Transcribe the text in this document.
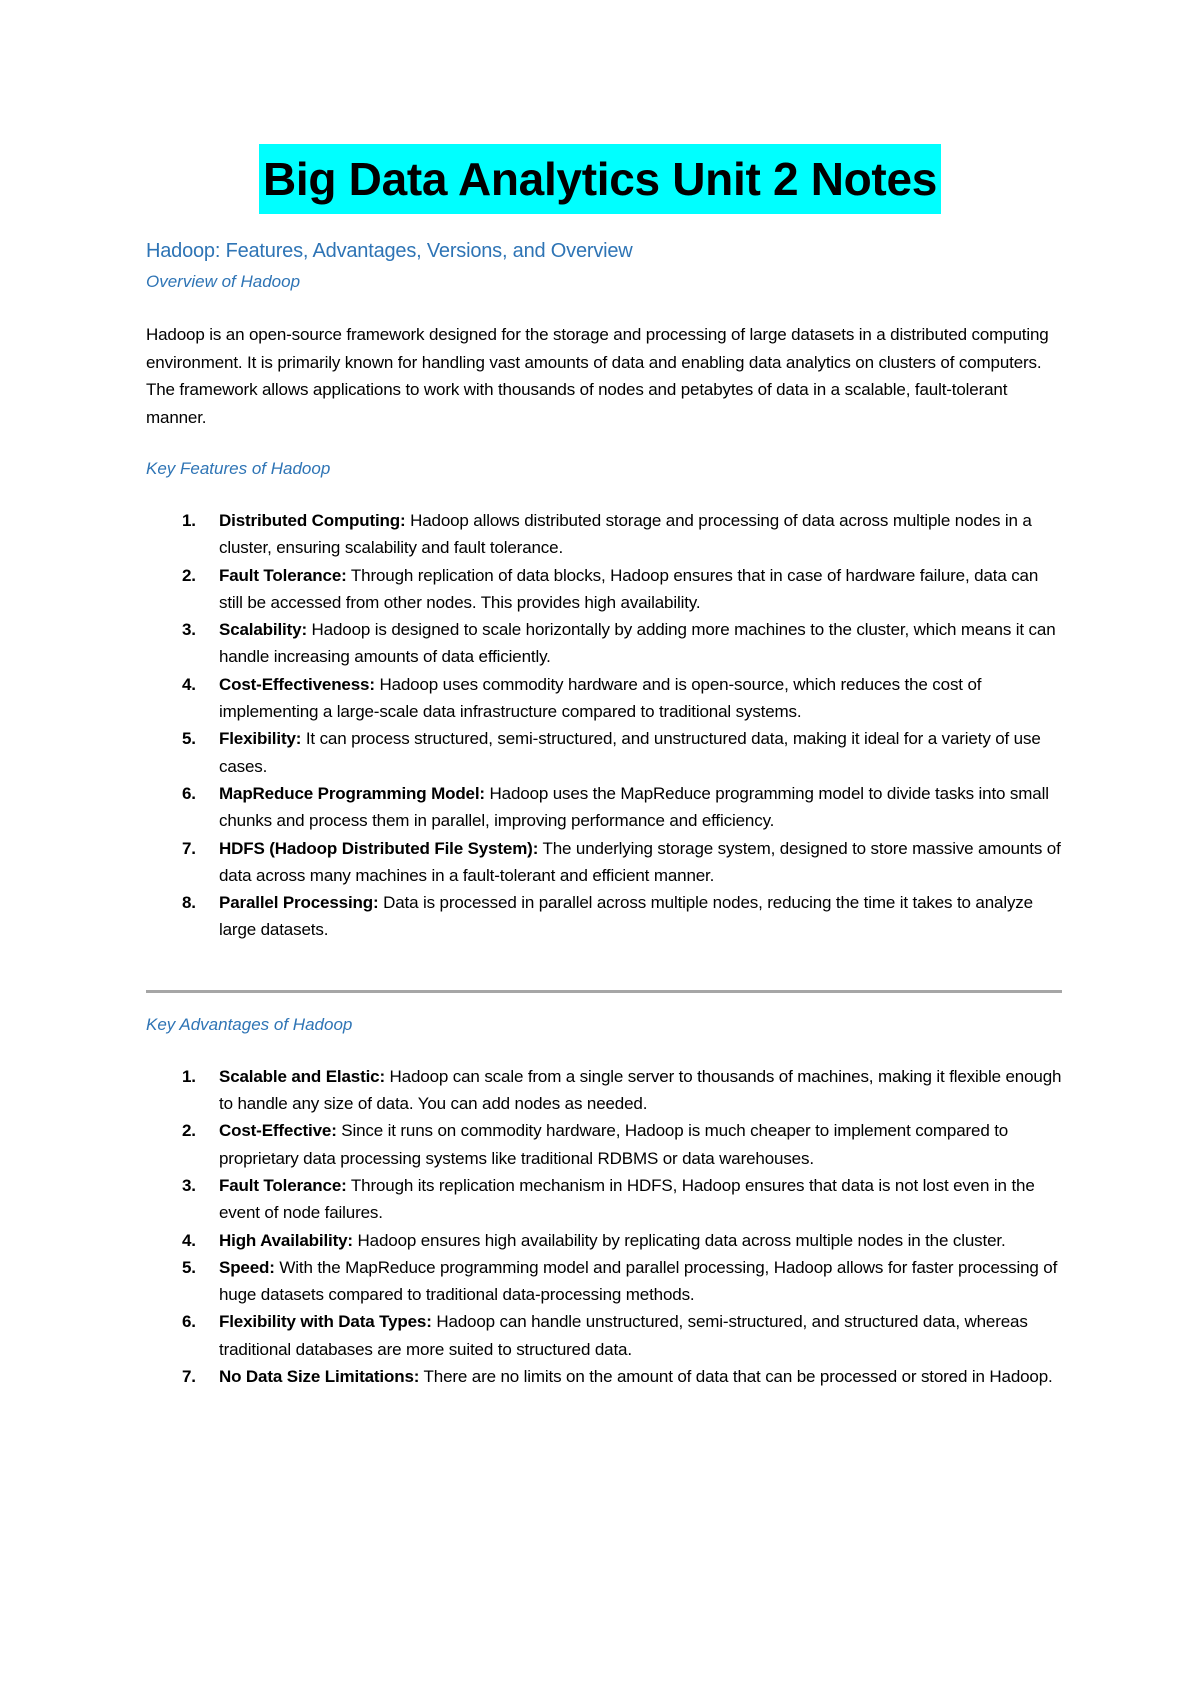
Big Data Analytics Unit 2 Notes

Hadoop: Features, Advantages, Versions, and Overview

Overview of Hadoop

Hadoop is an open-source framework designed for the storage and processing of large datasets in a distributed computing environment. It is primarily known for handling vast amounts of data and enabling data analytics on clusters of computers. The framework allows applications to work with thousands of nodes and petabytes of data in a scalable, fault-tolerant manner.

Key Features of Hadoop

1. Distributed Computing: Hadoop allows distributed storage and processing of data across multiple nodes in a cluster, ensuring scalability and fault tolerance.
2. Fault Tolerance: Through replication of data blocks, Hadoop ensures that in case of hardware failure, data can still be accessed from other nodes. This provides high availability.
3. Scalability: Hadoop is designed to scale horizontally by adding more machines to the cluster, which means it can handle increasing amounts of data efficiently.
4. Cost-Effectiveness: Hadoop uses commodity hardware and is open-source, which reduces the cost of implementing a large-scale data infrastructure compared to traditional systems.
5. Flexibility: It can process structured, semi-structured, and unstructured data, making it ideal for a variety of use cases.
6. MapReduce Programming Model: Hadoop uses the MapReduce programming model to divide tasks into small chunks and process them in parallel, improving performance and efficiency.
7. HDFS (Hadoop Distributed File System): The underlying storage system, designed to store massive amounts of data across many machines in a fault-tolerant and efficient manner.
8. Parallel Processing: Data is processed in parallel across multiple nodes, reducing the time it takes to analyze large datasets.

Key Advantages of Hadoop

1. Scalable and Elastic: Hadoop can scale from a single server to thousands of machines, making it flexible enough to handle any size of data. You can add nodes as needed.
2. Cost-Effective: Since it runs on commodity hardware, Hadoop is much cheaper to implement compared to proprietary data processing systems like traditional RDBMS or data warehouses.
3. Fault Tolerance: Through its replication mechanism in HDFS, Hadoop ensures that data is not lost even in the event of node failures.
4. High Availability: Hadoop ensures high availability by replicating data across multiple nodes in the cluster.
5. Speed: With the MapReduce programming model and parallel processing, Hadoop allows for faster processing of huge datasets compared to traditional data-processing methods.
6. Flexibility with Data Types: Hadoop can handle unstructured, semi-structured, and structured data, whereas traditional databases are more suited to structured data.
7. No Data Size Limitations: There are no limits on the amount of data that can be processed or stored in Hadoop.
